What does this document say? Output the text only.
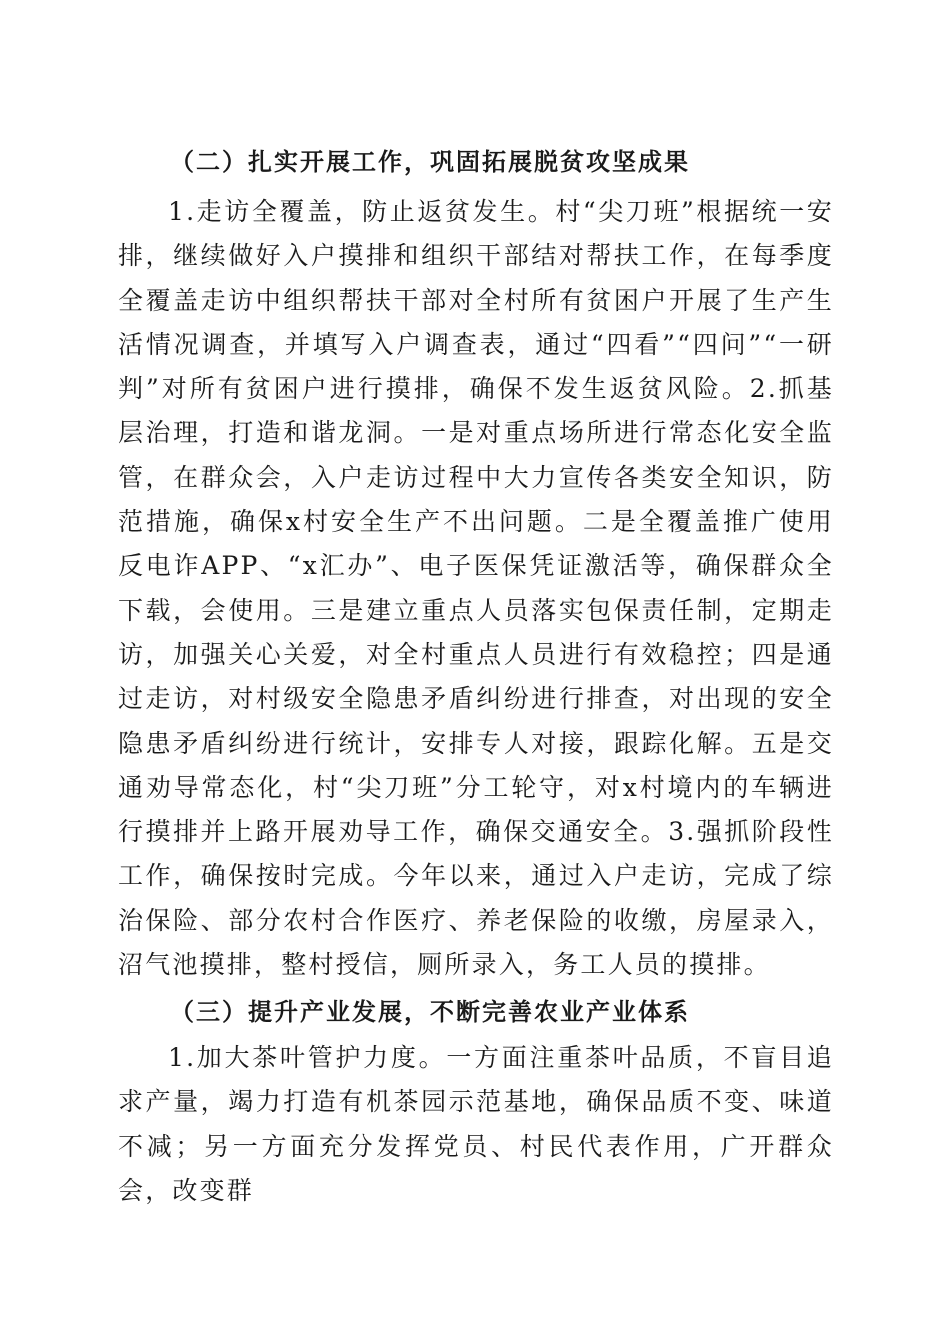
（二）扎实开展工作，巩固拓展脱贫攻坚成果

1.走访全覆盖，防止返贫发生。村“尖刀班”根据统一安排，继续做好入户摸排和组织干部结对帮扶工作，在每季度全覆盖走访中组织帮扶干部对全村所有贫困户开展了生产生活情况调查，并填写入户调查表，通过“四看”“四问”“一研判”对所有贫困户进行摸排，确保不发生返贫风险。2.抓基层治理，打造和谐龙洞。一是对重点场所进行常态化安全监管，在群众会，入户走访过程中大力宣传各类安全知识，防范措施，确保x村安全生产不出问题。二是全覆盖推广使用反电诈APP、“x汇办”、电子医保凭证激活等，确保群众全下载，会使用。三是建立重点人员落实包保责任制，定期走访，加强关心关爱，对全村重点人员进行有效稳控；四是通过走访，对村级安全隐患矛盾纠纷进行排查，对出现的安全隐患矛盾纠纷进行统计，安排专人对接，跟踪化解。五是交通劝导常态化，村“尖刀班”分工轮守，对x村境内的车辆进行摸排并上路开展劝导工作，确保交通安全。3.强抓阶段性工作，确保按时完成。今年以来，通过入户走访，完成了综治保险、部分农村合作医疗、养老保险的收缴，房屋录入，沼气池摸排，整村授信，厕所录入，务工人员的摸排。

（三）提升产业发展，不断完善农业产业体系

1.加大茶叶管护力度。一方面注重茶叶品质，不盲目追求产量，竭力打造有机茶园示范基地，确保品质不变、味道不减；另一方面充分发挥党员、村民代表作用，广开群众会，改变群
